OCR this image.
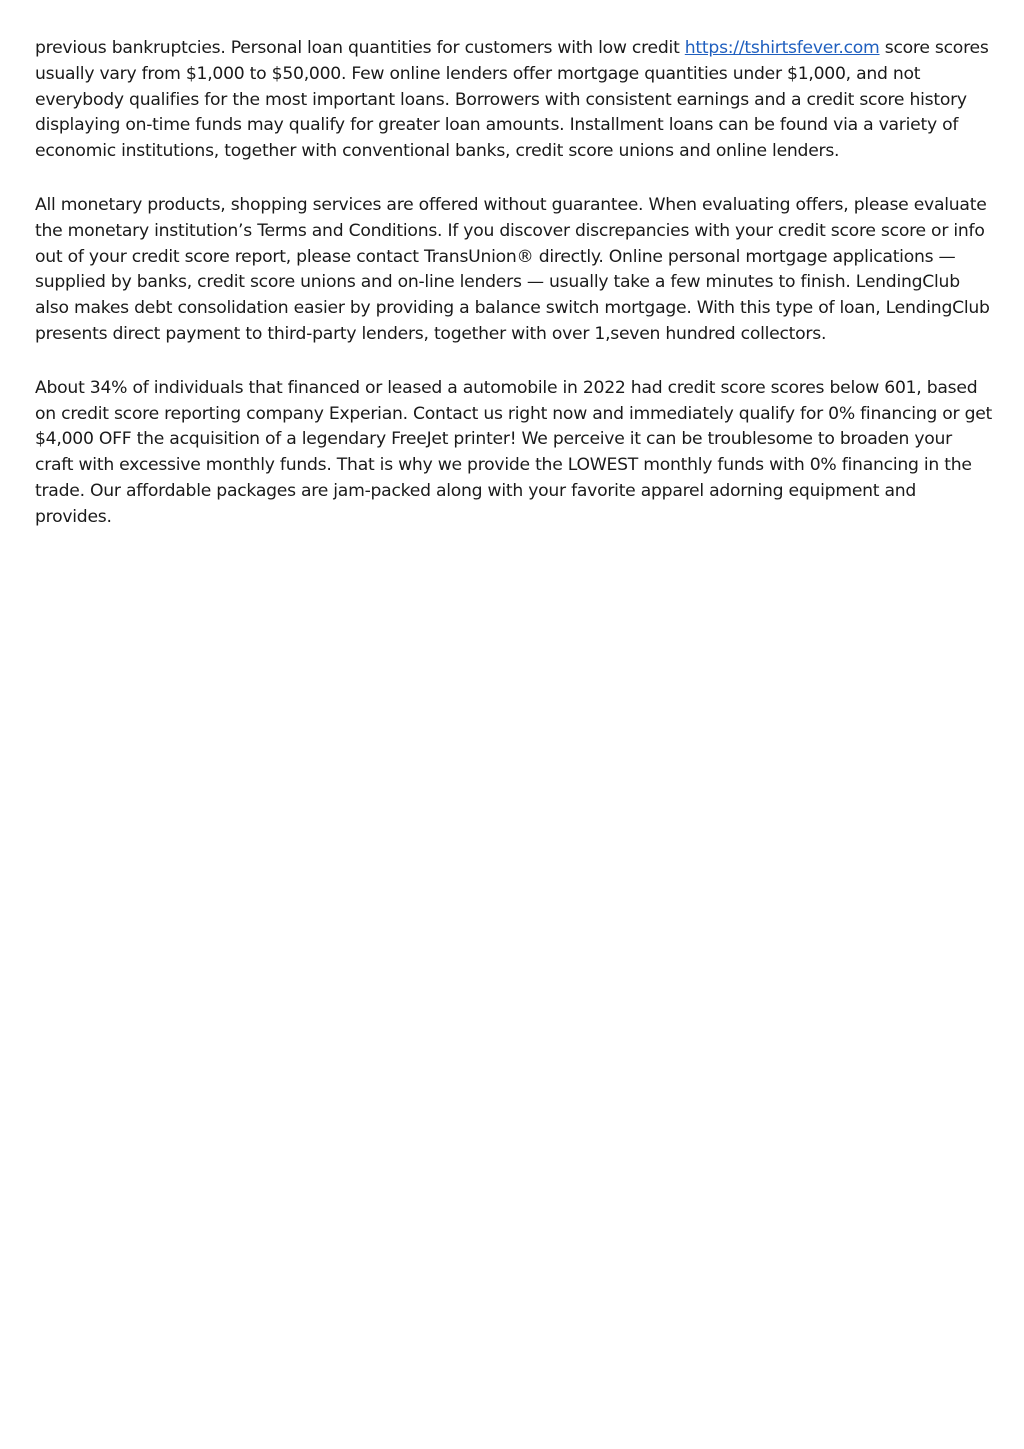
previous bankruptcies. Personal loan quantities for customers with low credit https://tshirtsfever.com score scores usually vary from $1,000 to $50,000. Few online lenders offer mortgage quantities under $1,000, and not everybody qualifies for the most important loans. Borrowers with consistent earnings and a credit score history displaying on-time funds may qualify for greater loan amounts. Installment loans can be found via a variety of economic institutions, together with conventional banks, credit score unions and online lenders.

All monetary products, shopping services are offered without guarantee. When evaluating offers, please evaluate the monetary institution’s Terms and Conditions. If you discover discrepancies with your credit score score or info out of your credit score report, please contact TransUnion® directly. Online personal mortgage applications — supplied by banks, credit score unions and on-line lenders — usually take a few minutes to finish. LendingClub also makes debt consolidation easier by providing a balance switch mortgage. With this type of loan, LendingClub presents direct payment to third-party lenders, together with over 1,seven hundred collectors.

About 34% of individuals that financed or leased a automobile in 2022 had credit score scores below 601, based on credit score reporting company Experian. Contact us right now and immediately qualify for 0% financing or get $4,000 OFF the acquisition of a legendary FreeJet printer! We perceive it can be troublesome to broaden your craft with excessive monthly funds. That is why we provide the LOWEST monthly funds with 0% financing in the trade. Our affordable packages are jam-packed along with your favorite apparel adorning equipment and provides.
